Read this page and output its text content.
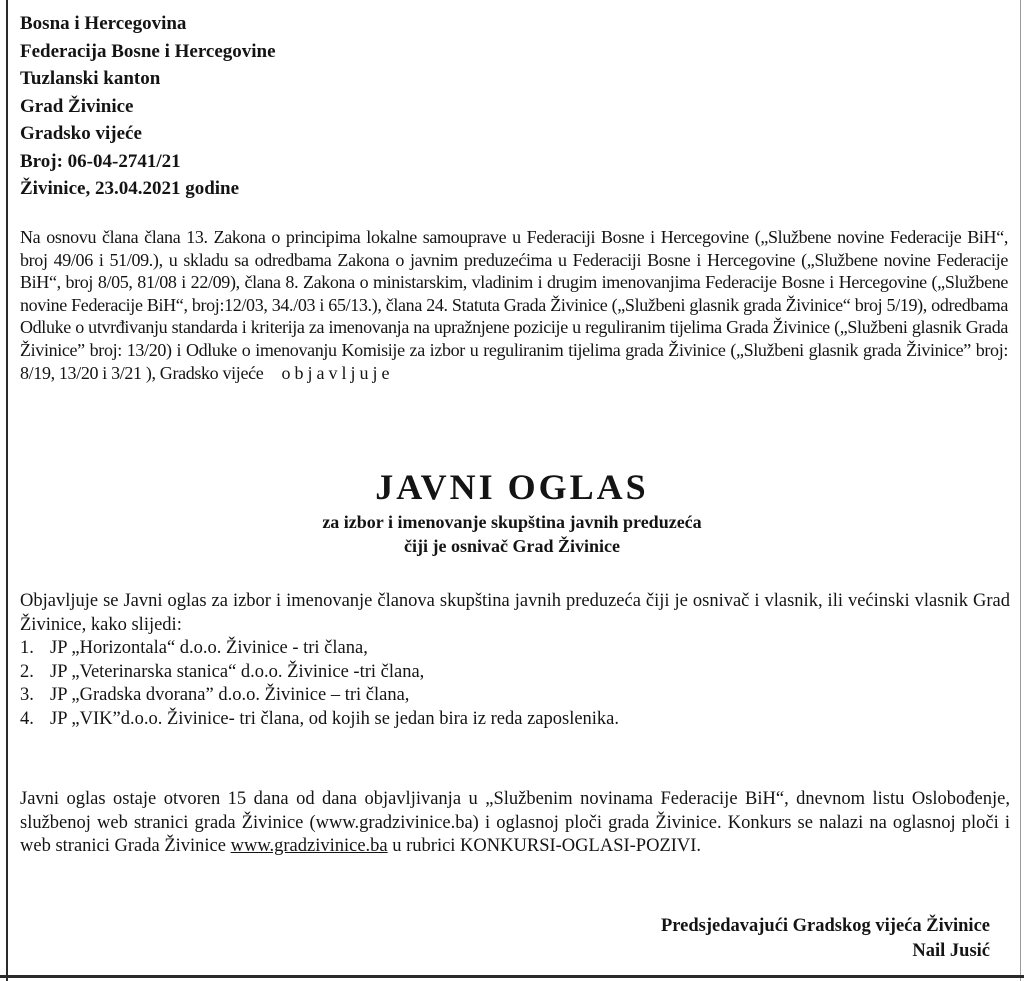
Bosna i Hercegovina
Federacija Bosne i Hercegovine
Tuzlanski kanton
Grad Živinice
Gradsko vijeće
Broj: 06-04-2741/21
Živinice, 23.04.2021 godine
Na osnovu člana člana 13. Zakona o principima lokalne samouprave u Federaciji Bosne i Hercegovine („Službene novine Federacije BiH“, broj 49/06 i 51/09.), u skladu sa odredbama Zakona o javnim preduzećima u Federaciji Bosne i Hercegovine („Službene novine Federacije BiH“, broj 8/05, 81/08 i 22/09), člana 8. Zakona o ministarskim, vladinim i drugim imenovanjima Federacije Bosne i Hercegovine („Službene novine Federacije BiH“, broj:12/03, 34./03 i 65/13.), člana 24. Statuta Grada Živinice („Službeni glasnik grada Živinice“ broj 5/19), odredbama Odluke o utvrđivanju standarda i kriterija za imenovanja na upražnjene pozicije u reguliranim tijelima Grada Živinice („Službeni glasnik Grada Živinice” broj: 13/20) i Odluke o imenovanju Komisije za izbor u reguliranim tijelima grada Živinice („Službeni glasnik grada Živinice” broj: 8/19, 13/20 i 3/21 ), Gradsko vijeće objavljuje
JAVNI OGLAS
za izbor i imenovanje skupština javnih preduzeća
čiji je osnivač Grad Živinice
Objavljuje se Javni oglas za izbor i imenovanje članova skupština javnih preduzeća čiji je osnivač i vlasnik, ili većinski vlasnik Grad Živinice, kako slijedi:
1. JP „Horizontala“ d.o.o. Živinice - tri člana,
2. JP „Veterinarska stanica“ d.o.o. Živinice -tri člana,
3. JP „Gradska dvorana” d.o.o. Živinice – tri člana,
4. JP „VIK”d.o.o. Živinice- tri člana, od kojih se jedan bira iz reda zaposlenika.
Javni oglas ostaje otvoren 15 dana od dana objavljivanja u „Službenim novinama Federacije BiH“, dnevnom listu Oslobođenje, službenoj web stranici grada Živinice (www.gradzivinice.ba) i oglasnoj ploči grada Živinice. Konkurs se nalazi na oglasnoj ploči i web stranici Grada Živinice www.gradzivinice.ba u rubrici KONKURSI-OGLASI-POZIVI.
Predsjedavajući Gradskog vijeća Živinice
Nail Jusić
